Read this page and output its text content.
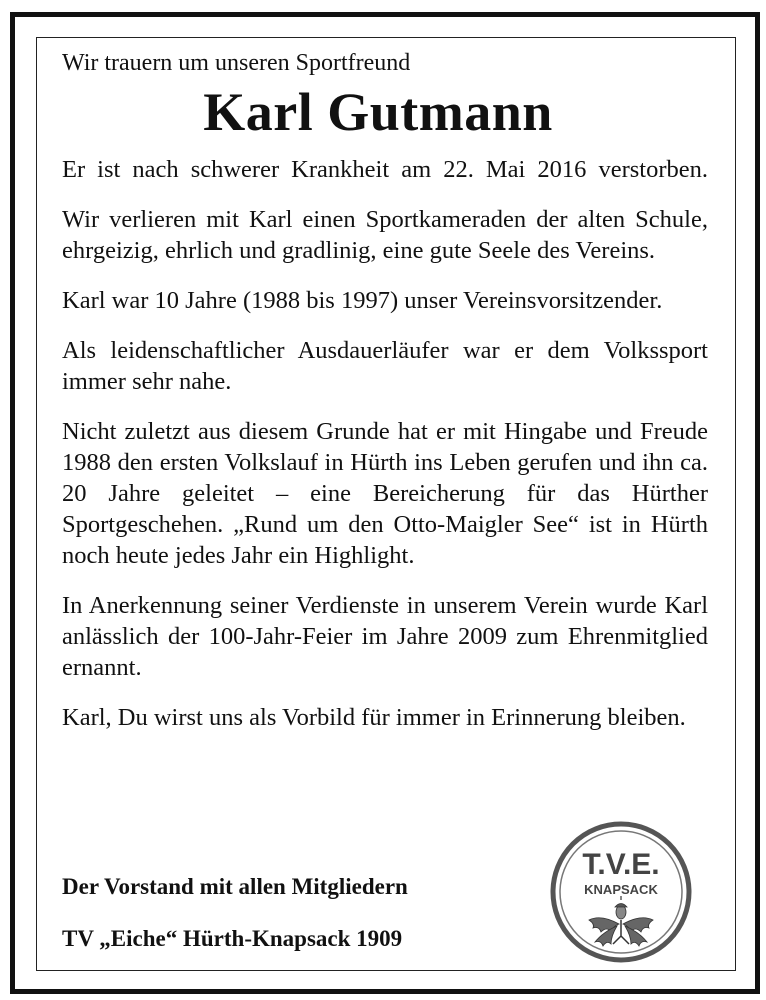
Wir trauern um unseren Sportfreund
Karl Gutmann

Er ist nach schwerer Krankheit am 22. Mai 2016 verstorben.

Wir verlieren mit Karl einen Sportkameraden der alten Schule, ehrgeizig, ehrlich und gradlinig, eine gute Seele des Vereins.

Karl war 10 Jahre (1988 bis 1997) unser Vereinsvorsitzender.

Als leidenschaftlicher Ausdauerläufer war er dem Volkssport immer sehr nahe.

Nicht zuletzt aus diesem Grunde hat er mit Hingabe und Freude 1988 den ersten Volkslauf in Hürth ins Leben gerufen und ihn ca. 20 Jahre geleitet – eine Bereicherung für das Hürther Sportgeschehen. „Rund um den Otto-Maigler See“ ist in Hürth noch heute jedes Jahr ein Highlight.

In Anerkennung seiner Verdienste in unserem Verein wurde Karl anlässlich der 100-Jahr-Feier im Jahre 2009 zum Ehrenmitglied ernannt.

Karl, Du wirst uns als Vorbild für immer in Erinnerung bleiben.

Der Vorstand mit allen Mitgliedern
TV „Eiche“ Hürth-Knapsack 1909
T.V.E.
KNAPSACK
